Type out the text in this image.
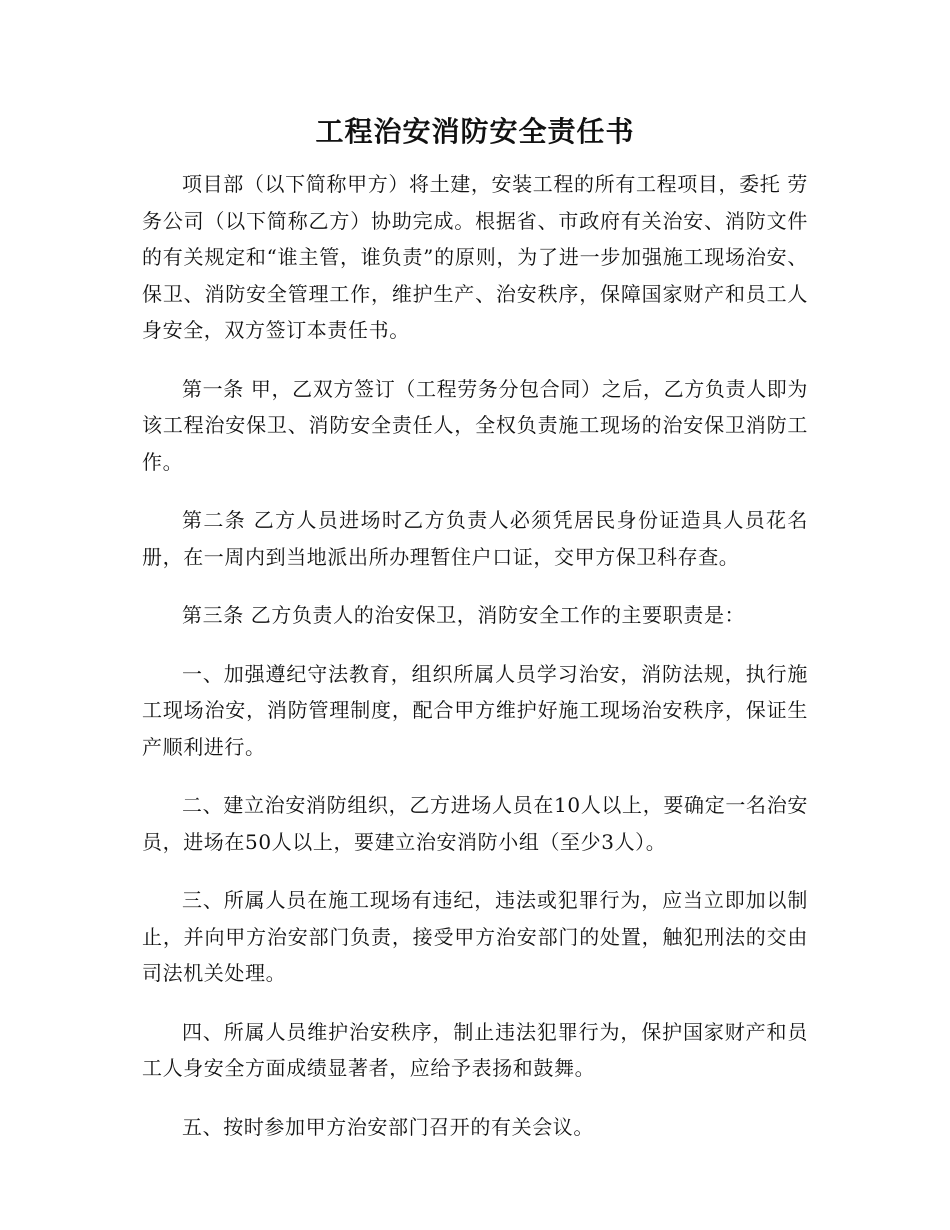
工程治安消防安全责任书

项目部（以下简称甲方）将土建，安装工程的所有工程项目，委托 劳务公司（以下简称乙方）协助完成。根据省、市政府有关治安、消防文件的有关规定和“谁主管，谁负责”的原则，为了进一步加强施工现场治安、保卫、消防安全管理工作，维护生产、治安秩序，保障国家财产和员工人身安全，双方签订本责任书。

第一条 甲，乙双方签订（工程劳务分包合同）之后，乙方负责人即为该工程治安保卫、消防安全责任人，全权负责施工现场的治安保卫消防工作。

第二条 乙方人员进场时乙方负责人必须凭居民身份证造具人员花名册，在一周内到当地派出所办理暂住户口证，交甲方保卫科存查。

第三条 乙方负责人的治安保卫，消防安全工作的主要职责是：

一、加强遵纪守法教育，组织所属人员学习治安，消防法规，执行施工现场治安，消防管理制度，配合甲方维护好施工现场治安秩序，保证生产顺利进行。

二、建立治安消防组织，乙方进场人员在10人以上，要确定一名治安员，进场在50人以上，要建立治安消防小组（至少3人）。

三、所属人员在施工现场有违纪，违法或犯罪行为，应当立即加以制止，并向甲方治安部门负责，接受甲方治安部门的处置，触犯刑法的交由司法机关处理。

四、所属人员维护治安秩序，制止违法犯罪行为，保护国家财产和员工人身安全方面成绩显著者，应给予表扬和鼓舞。

五、按时参加甲方治安部门召开的有关会议。
